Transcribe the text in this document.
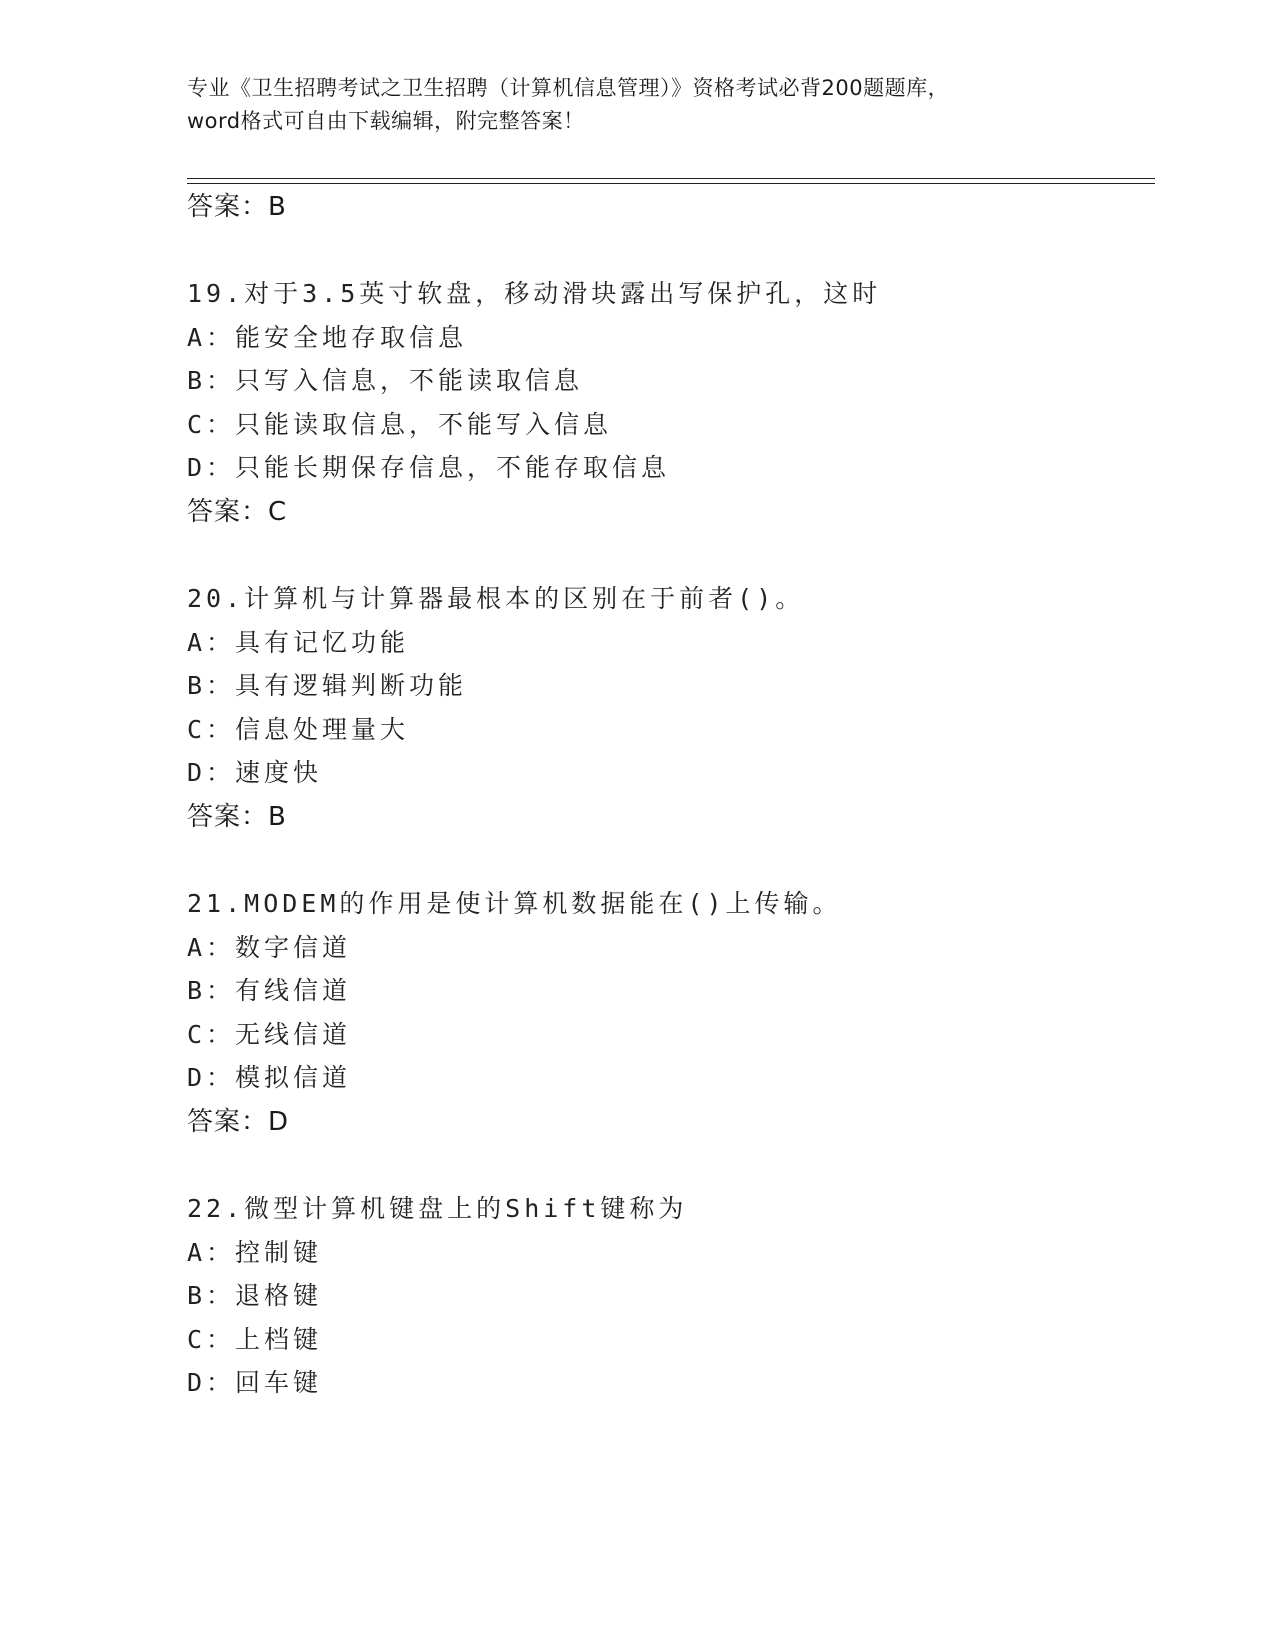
专业《卫生招聘考试之卫生招聘（计算机信息管理）》资格考试必背200题题库，
word格式可自由下载编辑，附完整答案！
答案：B
19.对于3.5英寸软盘，移动滑块露出写保护孔，这时
A：能安全地存取信息
B：只写入信息，不能读取信息
C：只能读取信息，不能写入信息
D：只能长期保存信息，不能存取信息
答案：C
20.计算机与计算器最根本的区别在于前者()。
A：具有记忆功能
B：具有逻辑判断功能
C：信息处理量大
D：速度快
答案：B
21.MODEM的作用是使计算机数据能在()上传输。
A：数字信道
B：有线信道
C：无线信道
D：模拟信道
答案：D
22.微型计算机键盘上的Shift键称为
A：控制键
B：退格键
C：上档键
D：回车键
